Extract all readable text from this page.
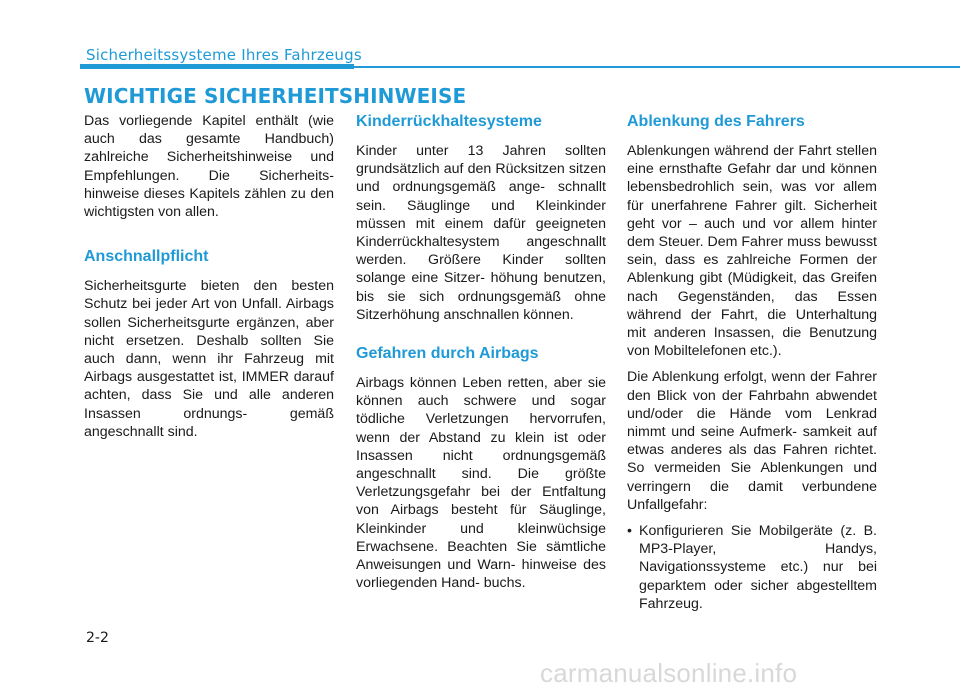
Sicherheitssysteme Ihres Fahrzeugs
WICHTIGE SICHERHEITSHINWEISE

Das vorliegende Kapitel enthält (wie auch das gesamte Handbuch) zahlreiche Sicherheitshinweise und Empfehlungen. Die Sicherheits- hinweise dieses Kapitels zählen zu den wichtigsten von allen.

Anschnallpflicht

Sicherheitsgurte bieten den besten Schutz bei jeder Art von Unfall. Airbags sollen Sicherheitsgurte ergänzen, aber nicht ersetzen. Deshalb sollten Sie auch dann, wenn ihr Fahrzeug mit Airbags ausgestattet ist, IMMER darauf achten, dass Sie und alle anderen Insassen ordnungs- gemäß angeschnallt sind.

Kinderrückhaltesysteme

Kinder unter 13 Jahren sollten grundsätzlich auf den Rücksitzen sitzen und ordnungsgemäß ange- schnallt sein. Säuglinge und Kleinkinder müssen mit einem dafür geeigneten Kinderrückhaltesystem angeschnallt werden. Größere Kinder sollten solange eine Sitzer- höhung benutzen, bis sie sich ordnungsgemäß ohne Sitzerhöhung anschnallen können.

Gefahren durch Airbags

Airbags können Leben retten, aber sie können auch schwere und sogar tödliche Verletzungen hervorrufen, wenn der Abstand zu klein ist oder Insassen nicht ordnungsgemäß angeschnallt sind. Die größte Verletzungsgefahr bei der Entfaltung von Airbags besteht für Säuglinge, Kleinkinder und kleinwüchsige Erwachsene. Beachten Sie sämtliche Anweisungen und Warn- hinweise des vorliegenden Hand- buchs.

Ablenkung des Fahrers

Ablenkungen während der Fahrt stellen eine ernsthafte Gefahr dar und können lebensbedrohlich sein, was vor allem für unerfahrene Fahrer gilt. Sicherheit geht vor – auch und vor allem hinter dem Steuer. Dem Fahrer muss bewusst sein, dass es zahlreiche Formen der Ablenkung gibt (Müdigkeit, das Greifen nach Gegenständen, das Essen während der Fahrt, die Unterhaltung mit anderen Insassen, die Benutzung von Mobiltelefonen etc.).

Die Ablenkung erfolgt, wenn der Fahrer den Blick von der Fahrbahn abwendet und/oder die Hände vom Lenkrad nimmt und seine Aufmerk- samkeit auf etwas anderes als das Fahren richtet. So vermeiden Sie Ablenkungen und verringern die damit verbundene Unfallgefahr:

• Konfigurieren Sie Mobilgeräte (z. B. MP3-Player, Handys, Navigationssysteme etc.) nur bei geparktem oder sicher abgestelltem Fahrzeug.
2-2
carmanualsonline.info
